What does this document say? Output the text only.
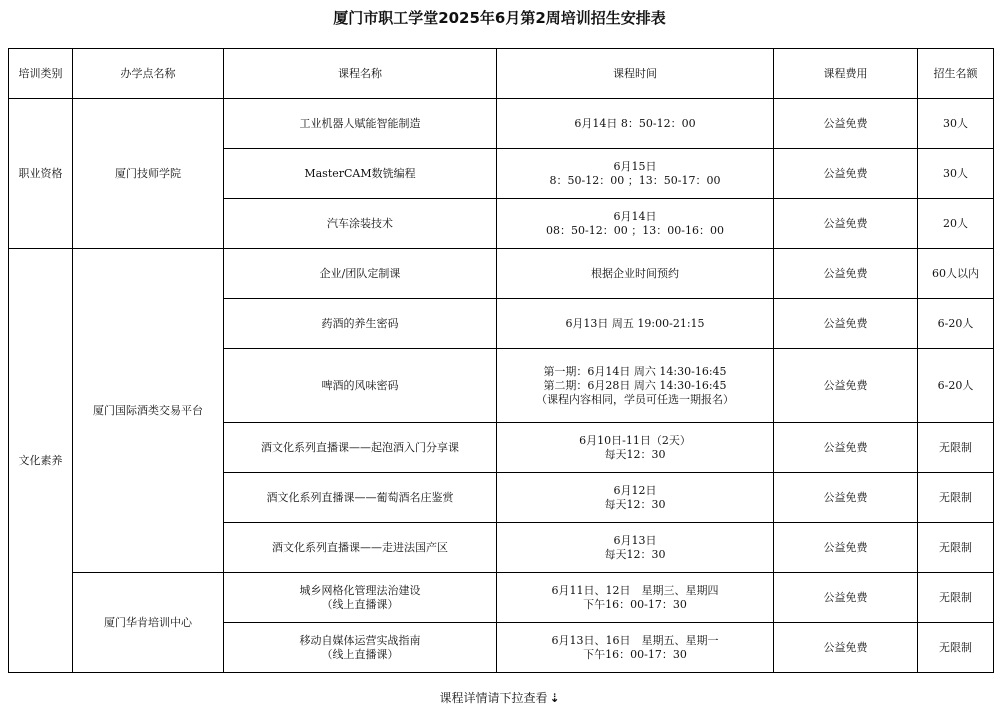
厦门市职工学堂2025年6月第2周培训招生安排表
培训类别	办学点名称	课程名称	课程时间	课程费用	招生名额
职业资格	厦门技师学院	工业机器人赋能智能制造	6月14日 8：50-12：00	公益免费	30人

		MasterCAM数铣编程	6月15日
8：50-12：00 ；13：50-17：00	公益免费	30人

		汽车涂装技术	6月14日
08：50-12：00 ；13：00-16：00	公益免费	20人
文化素养	厦门国际酒类交易平台	企业/团队定制课	根据企业时间预约	公益免费	60人以内

		药酒的养生密码	6月13日 周五 19:00-21:15	公益免费	6-20人

		啤酒的风味密码	第一期：6月14日 周六 14:30-16:45
第二期：6月28日 周六 14:30-16:45
（课程内容相同，学员可任选一期报名）	公益免费	6-20人

		酒文化系列直播课——起泡酒入门分享课	6月10日-11日（2天）
每天12：30	公益免费	无限制

		酒文化系列直播课——葡萄酒名庄鉴赏	6月12日
每天12：30	公益免费	无限制

		酒文化系列直播课——走进法国产区	6月13日
每天12：30	公益免费	无限制
	厦门华肯培训中心	城乡网格化管理法治建设
（线上直播课）	6月11日、12日　星期三、星期四
下午16：00-17：30	公益免费	无限制

		移动自媒体运营实战指南
（线上直播课）	6月13日、16日　星期五、星期一
下午16：00-17：30	公益免费	无限制
课程详情请下拉查看 ⇣
